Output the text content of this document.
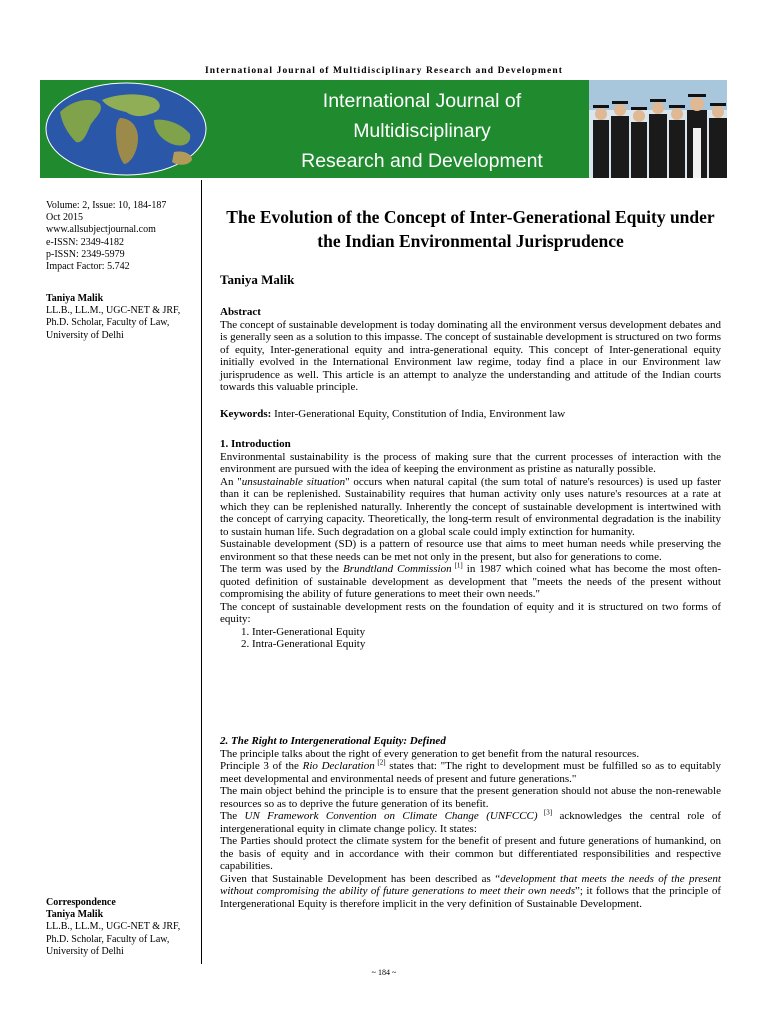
International Journal of Multidisciplinary Research and Development
International Journal of
Multidisciplinary
Research and Development
Volume: 2, Issue: 10, 184-187
Oct 2015
www.allsubjectjournal.com
e-ISSN: 2349-4182
p-ISSN: 2349-5979
Impact Factor: 5.742
Taniya Malik
LL.B., LL.M., UGC-NET & JRF, Ph.D. Scholar, Faculty of Law, University of Delhi
Correspondence
Taniya Malik
LL.B., LL.M., UGC-NET & JRF, Ph.D. Scholar, Faculty of Law, University of Delhi
The Evolution of the Concept of Inter-Generational Equity under the Indian Environmental Jurisprudence
Taniya Malik

Abstract

The concept of sustainable development is today dominating all the environment versus development debates and is generally seen as a solution to this impasse. The concept of sustainable development is structured on two forms of equity, Inter-generational equity and intra-generational equity. This concept of Inter-generational equity initially evolved in the International Environment law regime, today find a place in our Environment law jurisprudence as well. This article is an attempt to analyze the understanding and attitude of the Indian courts towards this valuable principle.

Keywords: Inter-Generational Equity, Constitution of India, Environment law

1. Introduction

Environmental sustainability is the process of making sure that the current processes of interaction with the environment are pursued with the idea of keeping the environment as pristine as naturally possible.

An "unsustainable situation" occurs when natural capital (the sum total of nature's resources) is used up faster than it can be replenished. Sustainability requires that human activity only uses nature's resources at a rate at which they can be replenished naturally. Inherently the concept of sustainable development is intertwined with the concept of carrying capacity. Theoretically, the long-term result of environmental degradation is the inability to sustain human life. Such degradation on a global scale could imply extinction for humanity.

Sustainable development (SD) is a pattern of resource use that aims to meet human needs while preserving the environment so that these needs can be met not only in the present, but also for generations to come.

The term was used by the Brundtland Commission [1] in 1987 which coined what has become the most often-quoted definition of sustainable development as development that "meets the needs of the present without compromising the ability of future generations to meet their own needs."

The concept of sustainable development rests on the foundation of equity and it is structured on two forms of equity:

1. Inter-Generational Equity
2. Intra-Generational Equity

2. The Right to Intergenerational Equity: Defined

The principle talks about the right of every generation to get benefit from the natural resources.

Principle 3 of the Rio Declaration [2] states that: "The right to development must be fulfilled so as to equitably meet developmental and environmental needs of present and future generations."

The main object behind the principle is to ensure that the present generation should not abuse the non-renewable resources so as to deprive the future generation of its benefit.

The UN Framework Convention on Climate Change (UNFCCC) [3] acknowledges the central role of intergenerational equity in climate change policy. It states:

The Parties should protect the climate system for the benefit of present and future generations of humankind, on the basis of equity and in accordance with their common but differentiated responsibilities and respective capabilities.

Given that Sustainable Development has been described as “development that meets the needs of the present without compromising the ability of future generations to meet their own needs”; it follows that the principle of Intergenerational Equity is therefore implicit in the very definition of Sustainable Development.

~ 184 ~
